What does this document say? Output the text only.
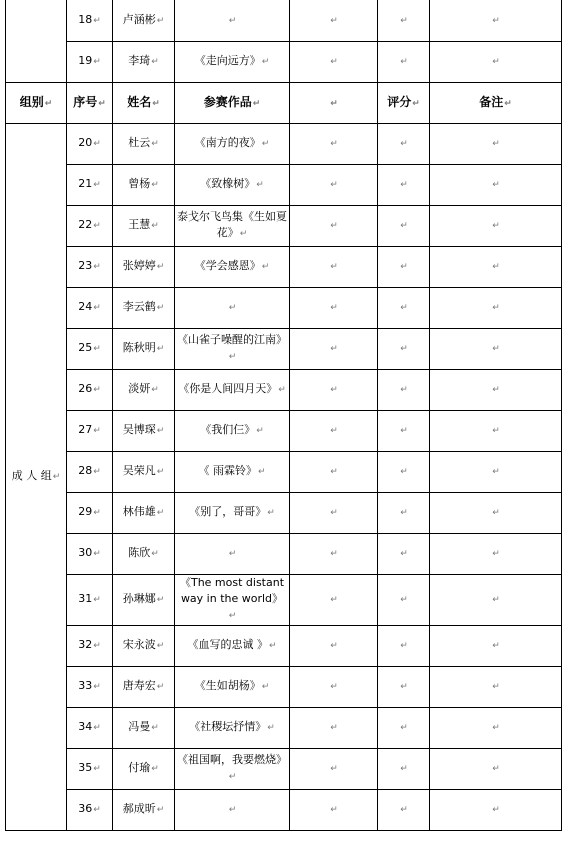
	18↵	卢涵彬↵	↵	↵	↵	↵
	19↵	李琦↵	《走向远方》↵	↵	↵	↵
组别↵	序号↵	姓名↵	参赛作品↵	↵	评分↵	备注↵
成 人 组↵	20↵	杜云↵	《南方的夜》↵	↵	↵	↵
	21↵	曾杨↵	《致橡树》↵	↵	↵	↵
	22↵	王慧↵	泰戈尔飞鸟集《生如夏花》↵	↵	↵	↵
	23↵	张婷婷↵	《学会感恩》↵	↵	↵	↵
	24↵	李云鹤↵	↵	↵	↵	↵
	25↵	陈秋明↵	《山雀子噪醒的江南》↵	↵	↵	↵
	26↵	淡妍↵	《你是人间四月天》↵	↵	↵	↵
	27↵	吴博琛↵	《我们仨》↵	↵	↵	↵
	28↵	吴荣凡↵	《 雨霖铃》↵	↵	↵	↵
	29↵	林伟雄↵	《别了，哥哥》↵	↵	↵	↵
	30↵	陈欣↵	↵	↵	↵	↵
	31↵	孙琳娜↵	《The most distant way in the world》↵	↵	↵	↵
	32↵	宋永波↵	《血写的忠诚 》↵	↵	↵	↵
	33↵	唐寿宏↵	《生如胡杨》↵	↵	↵	↵
	34↵	冯曼↵	《社稷坛抒情》↵	↵	↵	↵
	35↵	付瑜↵	《祖国啊，我要燃烧》↵	↵	↵	↵
	36↵	郝成昕↵	↵	↵	↵	↵
